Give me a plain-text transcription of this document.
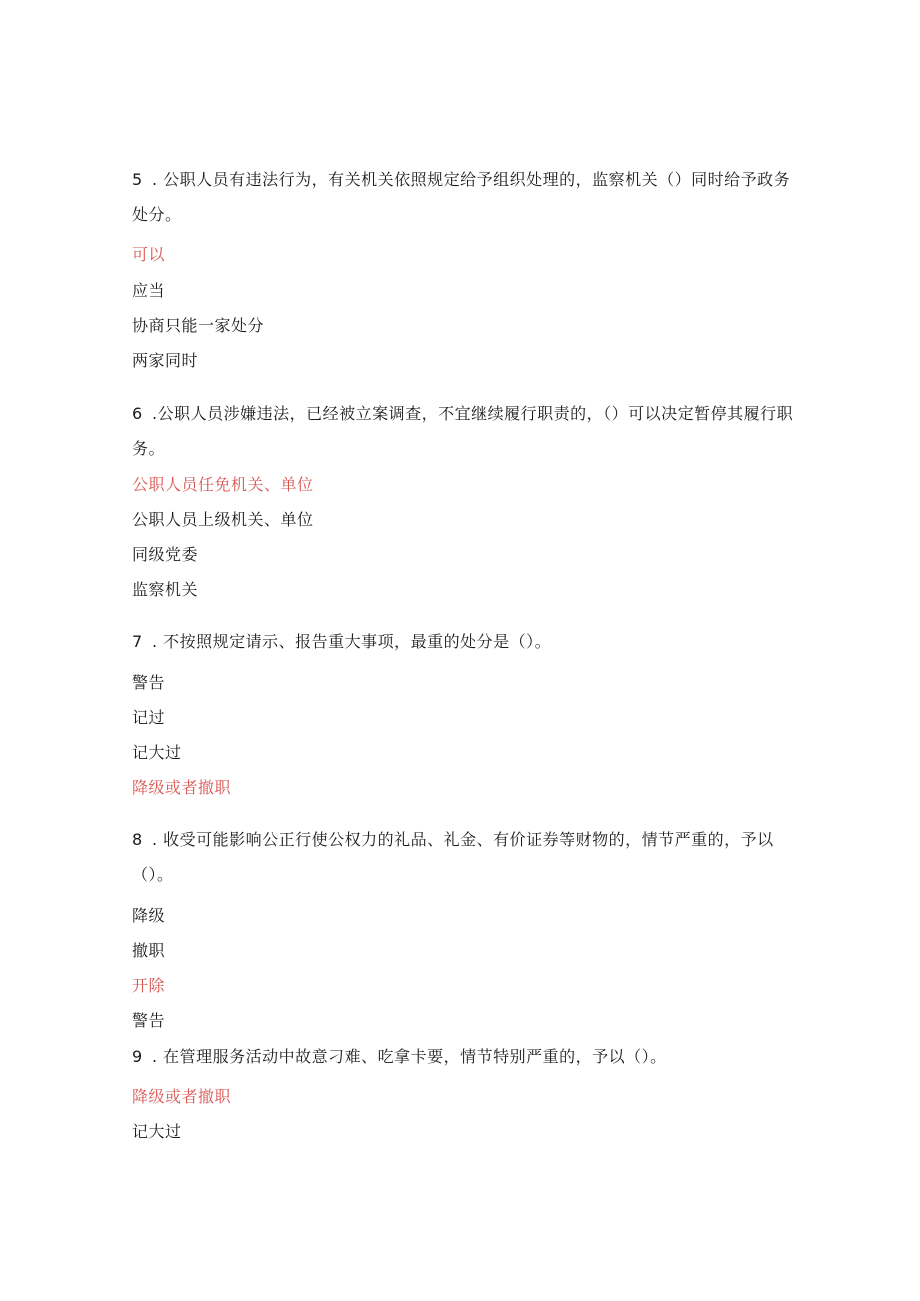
5 . 公职人员有违法行为，有关机关依照规定给予组织处理的，监察机关（）同时给予政务处分。
可以
应当
协商只能一家处分
两家同时
6 .公职人员涉嫌违法，已经被立案调查，不宜继续履行职责的，（）可以决定暂停其履行职务。
公职人员任免机关、单位
公职人员上级机关、单位
同级党委
监察机关
7 . 不按照规定请示、报告重大事项，最重的处分是（）。
警告
记过
记大过
降级或者撤职
8 . 收受可能影响公正行使公权力的礼品、礼金、有价证券等财物的，情节严重的，予以（）。
降级
撤职
开除
警告
9 . 在管理服务活动中故意刁难、吃拿卡要，情节特别严重的，予以（）。
降级或者撤职
记大过
